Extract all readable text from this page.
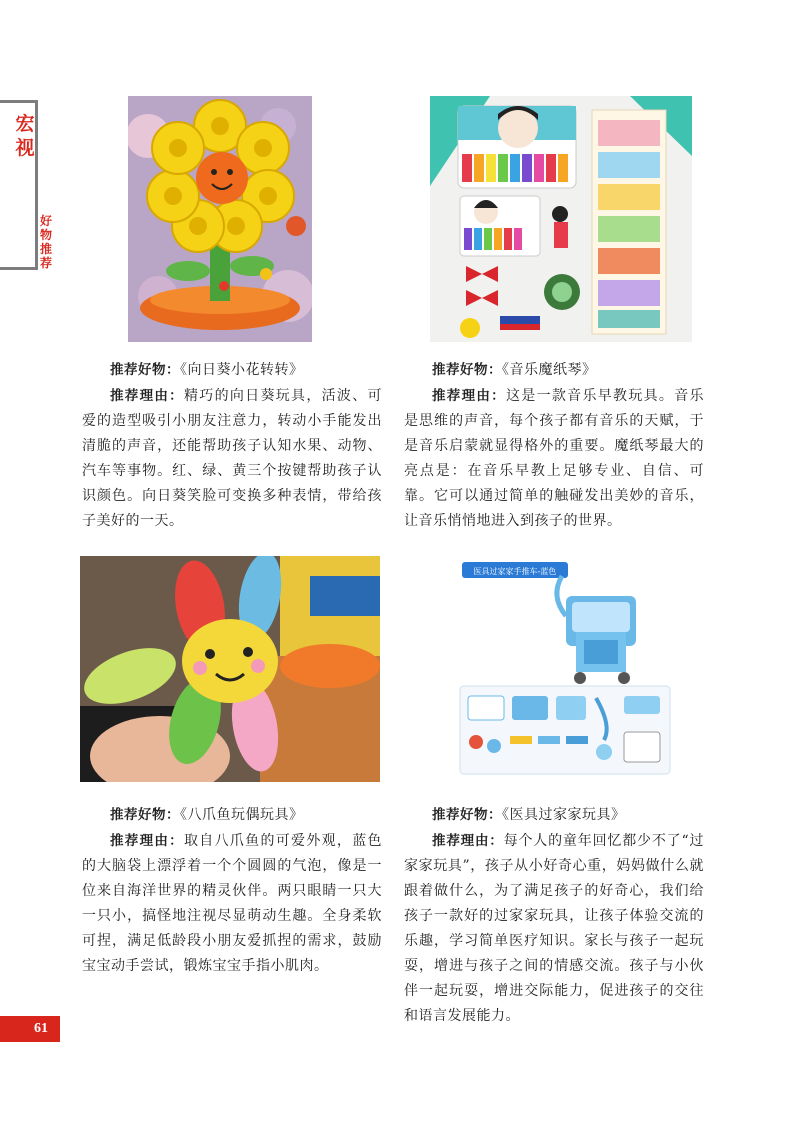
宏
视
好
物
推
荐

推荐好物：《向日葵小花转转》

推荐理由：精巧的向日葵玩具，活波、可爱的造型吸引小朋友注意力，转动小手能发出清脆的声音，还能帮助孩子认知水果、动物、汽车等事物。红、绿、黄三个按键帮助孩子认识颜色。向日葵笑脸可变换多种表情，带给孩子美好的一天。

推荐好物：《音乐魔纸琴》

推荐理由：这是一款音乐早教玩具。音乐是思维的声音，每个孩子都有音乐的天赋，于是音乐启蒙就显得格外的重要。魔纸琴最大的亮点是：在音乐早教上足够专业、自信、可靠。它可以通过简单的触碰发出美妙的音乐，让音乐悄悄地进入到孩子的世界。

医具过家家手推车-蓝色

推荐好物：《八爪鱼玩偶玩具》

推荐理由：取自八爪鱼的可爱外观，蓝色的大脑袋上漂浮着一个个圆圆的气泡，像是一位来自海洋世界的精灵伙伴。两只眼睛一只大一只小，搞怪地注视尽显萌动生趣。全身柔软可捏，满足低龄段小朋友爱抓捏的需求，鼓励宝宝动手尝试，锻炼宝宝手指小肌肉。

推荐好物：《医具过家家玩具》

推荐理由：每个人的童年回忆都少不了“过家家玩具”，孩子从小好奇心重，妈妈做什么就跟着做什么，为了满足孩子的好奇心，我们给孩子一款好的过家家玩具，让孩子体验交流的乐趣，学习简单医疗知识。家长与孩子一起玩耍，增进与孩子之间的情感交流。孩子与小伙伴一起玩耍，增进交际能力，促进孩子的交往和语言发展能力。

61
